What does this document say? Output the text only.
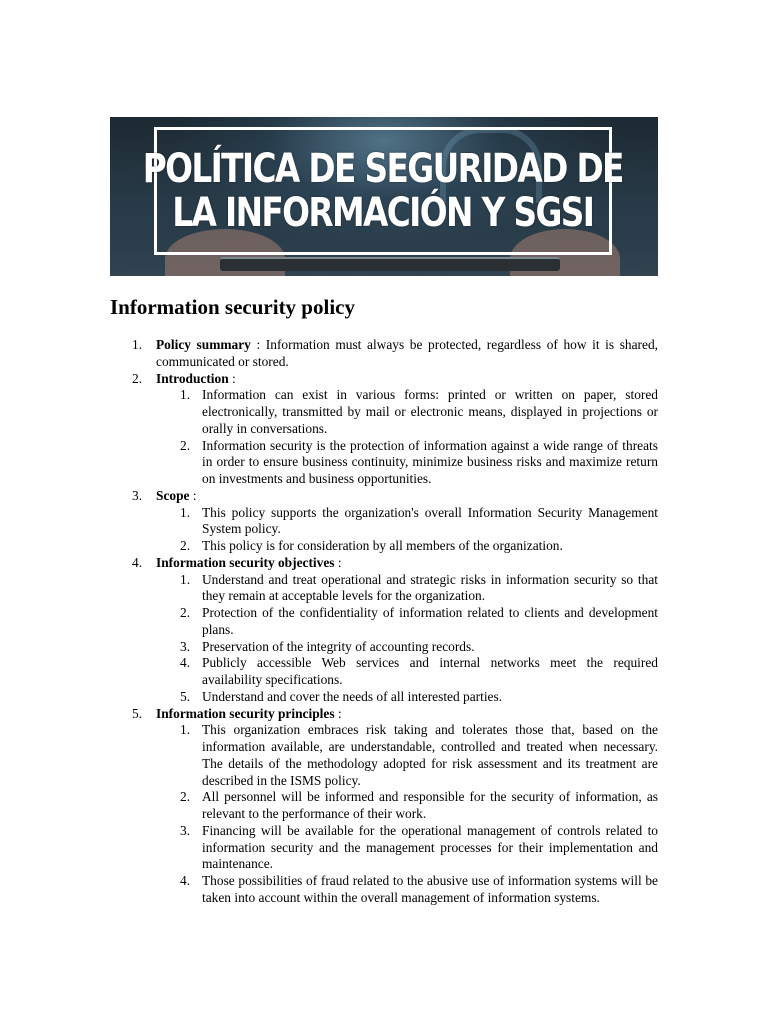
POLÍTICA DE SEGURIDAD DE
LA INFORMACIÓN Y SGSI
Information security policy
1. Policy summary : Information must always be protected, regardless of how it is shared, communicated or stored.
2. Introduction :
1. Information can exist in various forms: printed or written on paper, stored electronically, transmitted by mail or electronic means, displayed in projections or orally in conversations.
2. Information security is the protection of information against a wide range of threats in order to ensure business continuity, minimize business risks and maximize return on investments and business opportunities.
3. Scope :
1. This policy supports the organization's overall Information Security Management System policy.
2. This policy is for consideration by all members of the organization.
4. Information security objectives :
1. Understand and treat operational and strategic risks in information security so that they remain at acceptable levels for the organization.
2. Protection of the confidentiality of information related to clients and development plans.
3. Preservation of the integrity of accounting records.
4. Publicly accessible Web services and internal networks meet the required availability specifications.
5. Understand and cover the needs of all interested parties.
5. Information security principles :
1. This organization embraces risk taking and tolerates those that, based on the information available, are understandable, controlled and treated when necessary. The details of the methodology adopted for risk assessment and its treatment are described in the ISMS policy.
2. All personnel will be informed and responsible for the security of information, as relevant to the performance of their work.
3. Financing will be available for the operational management of controls related to information security and the management processes for their implementation and maintenance.
4. Those possibilities of fraud related to the abusive use of information systems will be taken into account within the overall management of information systems.
